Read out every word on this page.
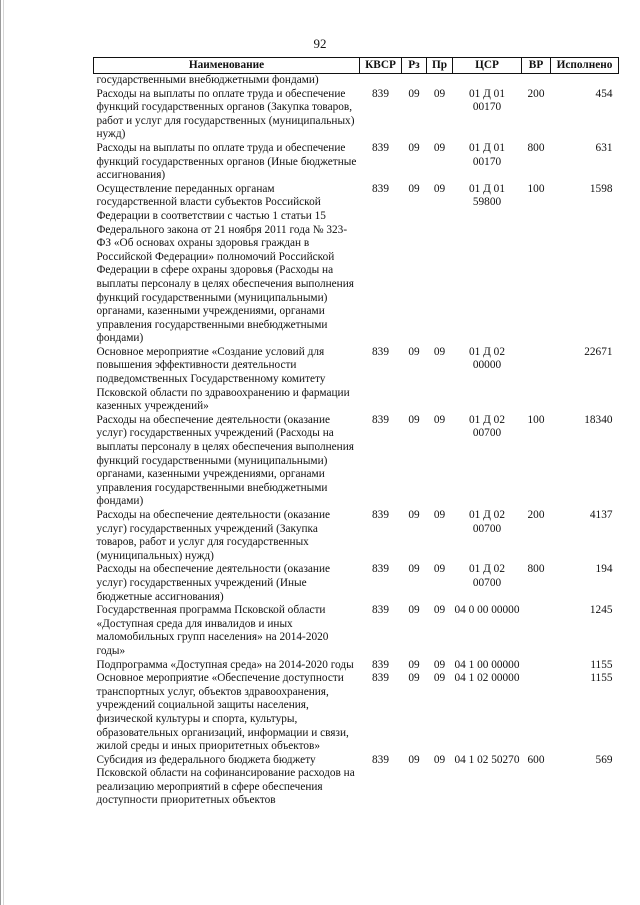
92
Наименование	КВСР	Рз	Пр	ЦСР	ВР	Исполнено
государственными внебюджетными фондами)						
Расходы на выплаты по оплате труда и обеспечение функций государственных органов (Закупка товаров, работ и услуг для государственных (муниципальных) нужд)	839	09	09	01 Д 01 00170	200	454
Расходы на выплаты по оплате труда и обеспечение функций государственных органов (Иные бюджетные ассигнования)	839	09	09	01 Д 01 00170	800	631
Осуществление переданных органам государственной власти субъектов Российской Федерации в соответствии с частью 1 статьи 15 Федерального закона от 21 ноября 2011 года № 323-ФЗ «Об основах охраны здоровья граждан в Российской Федерации» полномочий Российской Федерации в сфере охраны здоровья (Расходы на выплаты персоналу в целях обеспечения выполнения функций государственными (муниципальными) органами, казенными учреждениями, органами управления государственными внебюджетными фондами)	839	09	09	01 Д 01 59800	100	1598
Основное мероприятие «Создание условий для повышения эффективности деятельности подведомственных Государственному комитету Псковской области по здравоохранению и фармации казенных учреждений»	839	09	09	01 Д 02 00000		22671
Расходы на обеспечение деятельности (оказание услуг) государственных учреждений (Расходы на выплаты персоналу в целях обеспечения выполнения функций государственными (муниципальными) органами, казенными учреждениями, органами управления государственными внебюджетными фондами)	839	09	09	01 Д 02 00700	100	18340
Расходы на обеспечение деятельности (оказание услуг) государственных учреждений (Закупка товаров, работ и услуг для государственных (муниципальных) нужд)	839	09	09	01 Д 02 00700	200	4137
Расходы на обеспечение деятельности (оказание услуг) государственных учреждений (Иные бюджетные ассигнования)	839	09	09	01 Д 02 00700	800	194
Государственная программа Псковской области «Доступная среда для инвалидов и иных маломобильных групп населения» на 2014-2020 годы»	839	09	09	04 0 00 00000		1245
Подпрограмма «Доступная среда» на 2014-2020 годы	839	09	09	04 1 00 00000		1155
Основное мероприятие «Обеспечение доступности транспортных услуг, объектов здравоохранения, учреждений социальной защиты населения, физической культуры и спорта, культуры, образовательных организаций, информации и связи, жилой среды и иных приоритетных объектов»	839	09	09	04 1 02 00000		1155
Субсидия из федерального бюджета бюджету Псковской области на софинансирование расходов на реализацию мероприятий в сфере обеспечения доступности приоритетных объектов	839	09	09	04 1 02 50270	600	569
